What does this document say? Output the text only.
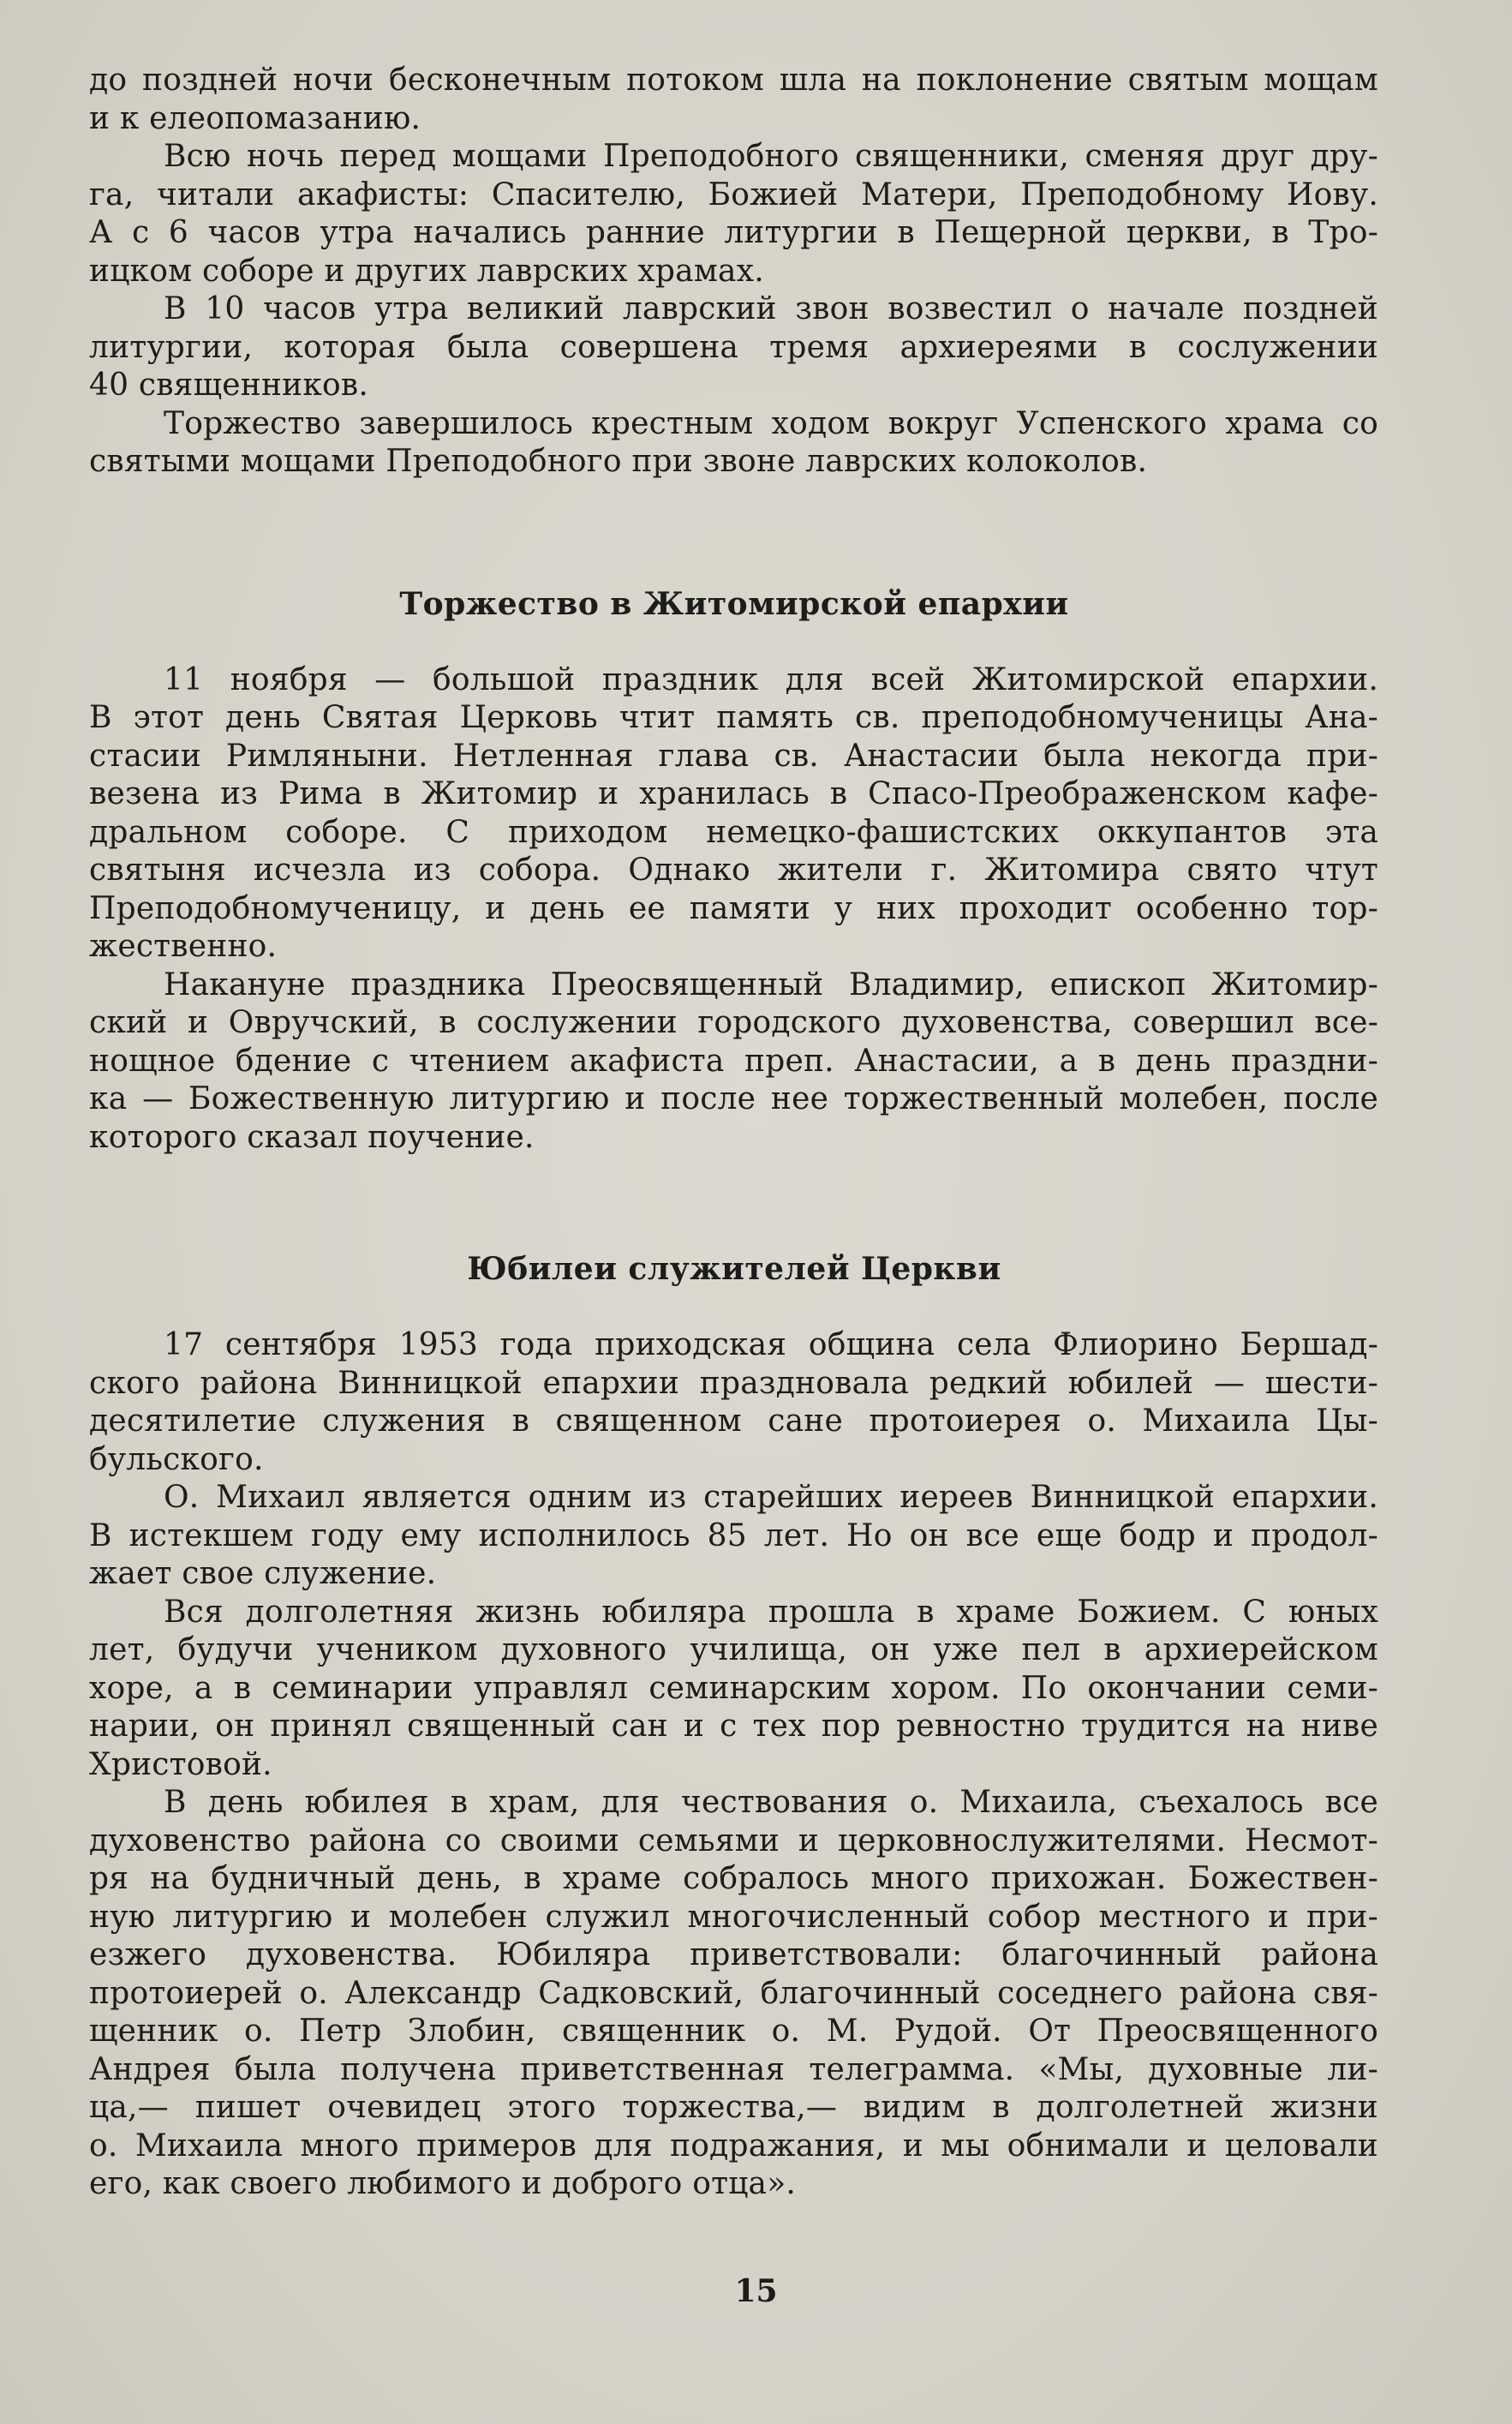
до поздней ночи бесконечным потоком шла на поклонение святым мощам

и к елеопомазанию.

Всю ночь перед мощами Преподобного священники, сменяя друг дру-

га, читали акафисты: Спасителю, Божией Матери, Преподобному Иову.

А с 6 часов утра начались ранние литургии в Пещерной церкви, в Тро-

ицком соборе и других лаврских храмах.

В 10 часов утра великий лаврский звон возвестил о начале поздней

литургии, которая была совершена тремя архиереями в сослужении

40 священников.

Торжество завершилось крестным ходом вокруг Успенского храма со

святыми мощами Преподобного при звоне лаврских колоколов.

Торжество в Житомирской епархии

11 ноября — большой праздник для всей Житомирской епархии.

В этот день Святая Церковь чтит память св. преподобномученицы Ана-

стасии Римляныни. Нетленная глава св. Анастасии была некогда при-

везена из Рима в Житомир и хранилась в Спасо-Преображенском кафе-

дральном соборе. С приходом немецко-фашистских оккупантов эта

святыня исчезла из собора. Однако жители г. Житомира свято чтут

Преподобномученицу, и день ее памяти у них проходит особенно тор-

жественно.

Накануне праздника Преосвященный Владимир, епископ Житомир-

ский и Овручский, в сослужении городского духовенства, совершил все-

нощное бдение с чтением акафиста преп. Анастасии, а в день праздни-

ка — Божественную литургию и после нее торжественный молебен, после

которого сказал поучение.

Юбилеи служителей Церкви

17 сентября 1953 года приходская община села Флиорино Бершад-

ского района Винницкой епархии праздновала редкий юбилей — шести-

десятилетие служения в священном сане протоиерея о. Михаила Цы-

бульского.

О. Михаил является одним из старейших иереев Винницкой епархии.

В истекшем году ему исполнилось 85 лет. Но он все еще бодр и продол-

жает свое служение.

Вся долголетняя жизнь юбиляра прошла в храме Божием. С юных

лет, будучи учеником духовного училища, он уже пел в архиерейском

хоре, а в семинарии управлял семинарским хором. По окончании семи-

нарии, он принял священный сан и с тех пор ревностно трудится на ниве

Христовой.

В день юбилея в храм, для чествования о. Михаила, съехалось все

духовенство района со своими семьями и церковнослужителями. Несмот-

ря на будничный день, в храме собралось много прихожан. Божествен-

ную литургию и молебен служил многочисленный собор местного и при-

езжего духовенства. Юбиляра приветствовали: благочинный района

протоиерей о. Александр Садковский, благочинный соседнего района свя-

щенник о. Петр Злобин, священник о. М. Рудой. От Преосвященного

Андрея была получена приветственная телеграмма. «Мы, духовные ли-

ца,— пишет очевидец этого торжества,— видим в долголетней жизни

о. Михаила много примеров для подражания, и мы обнимали и целовали

его, как своего любимого и доброго отца».

15
